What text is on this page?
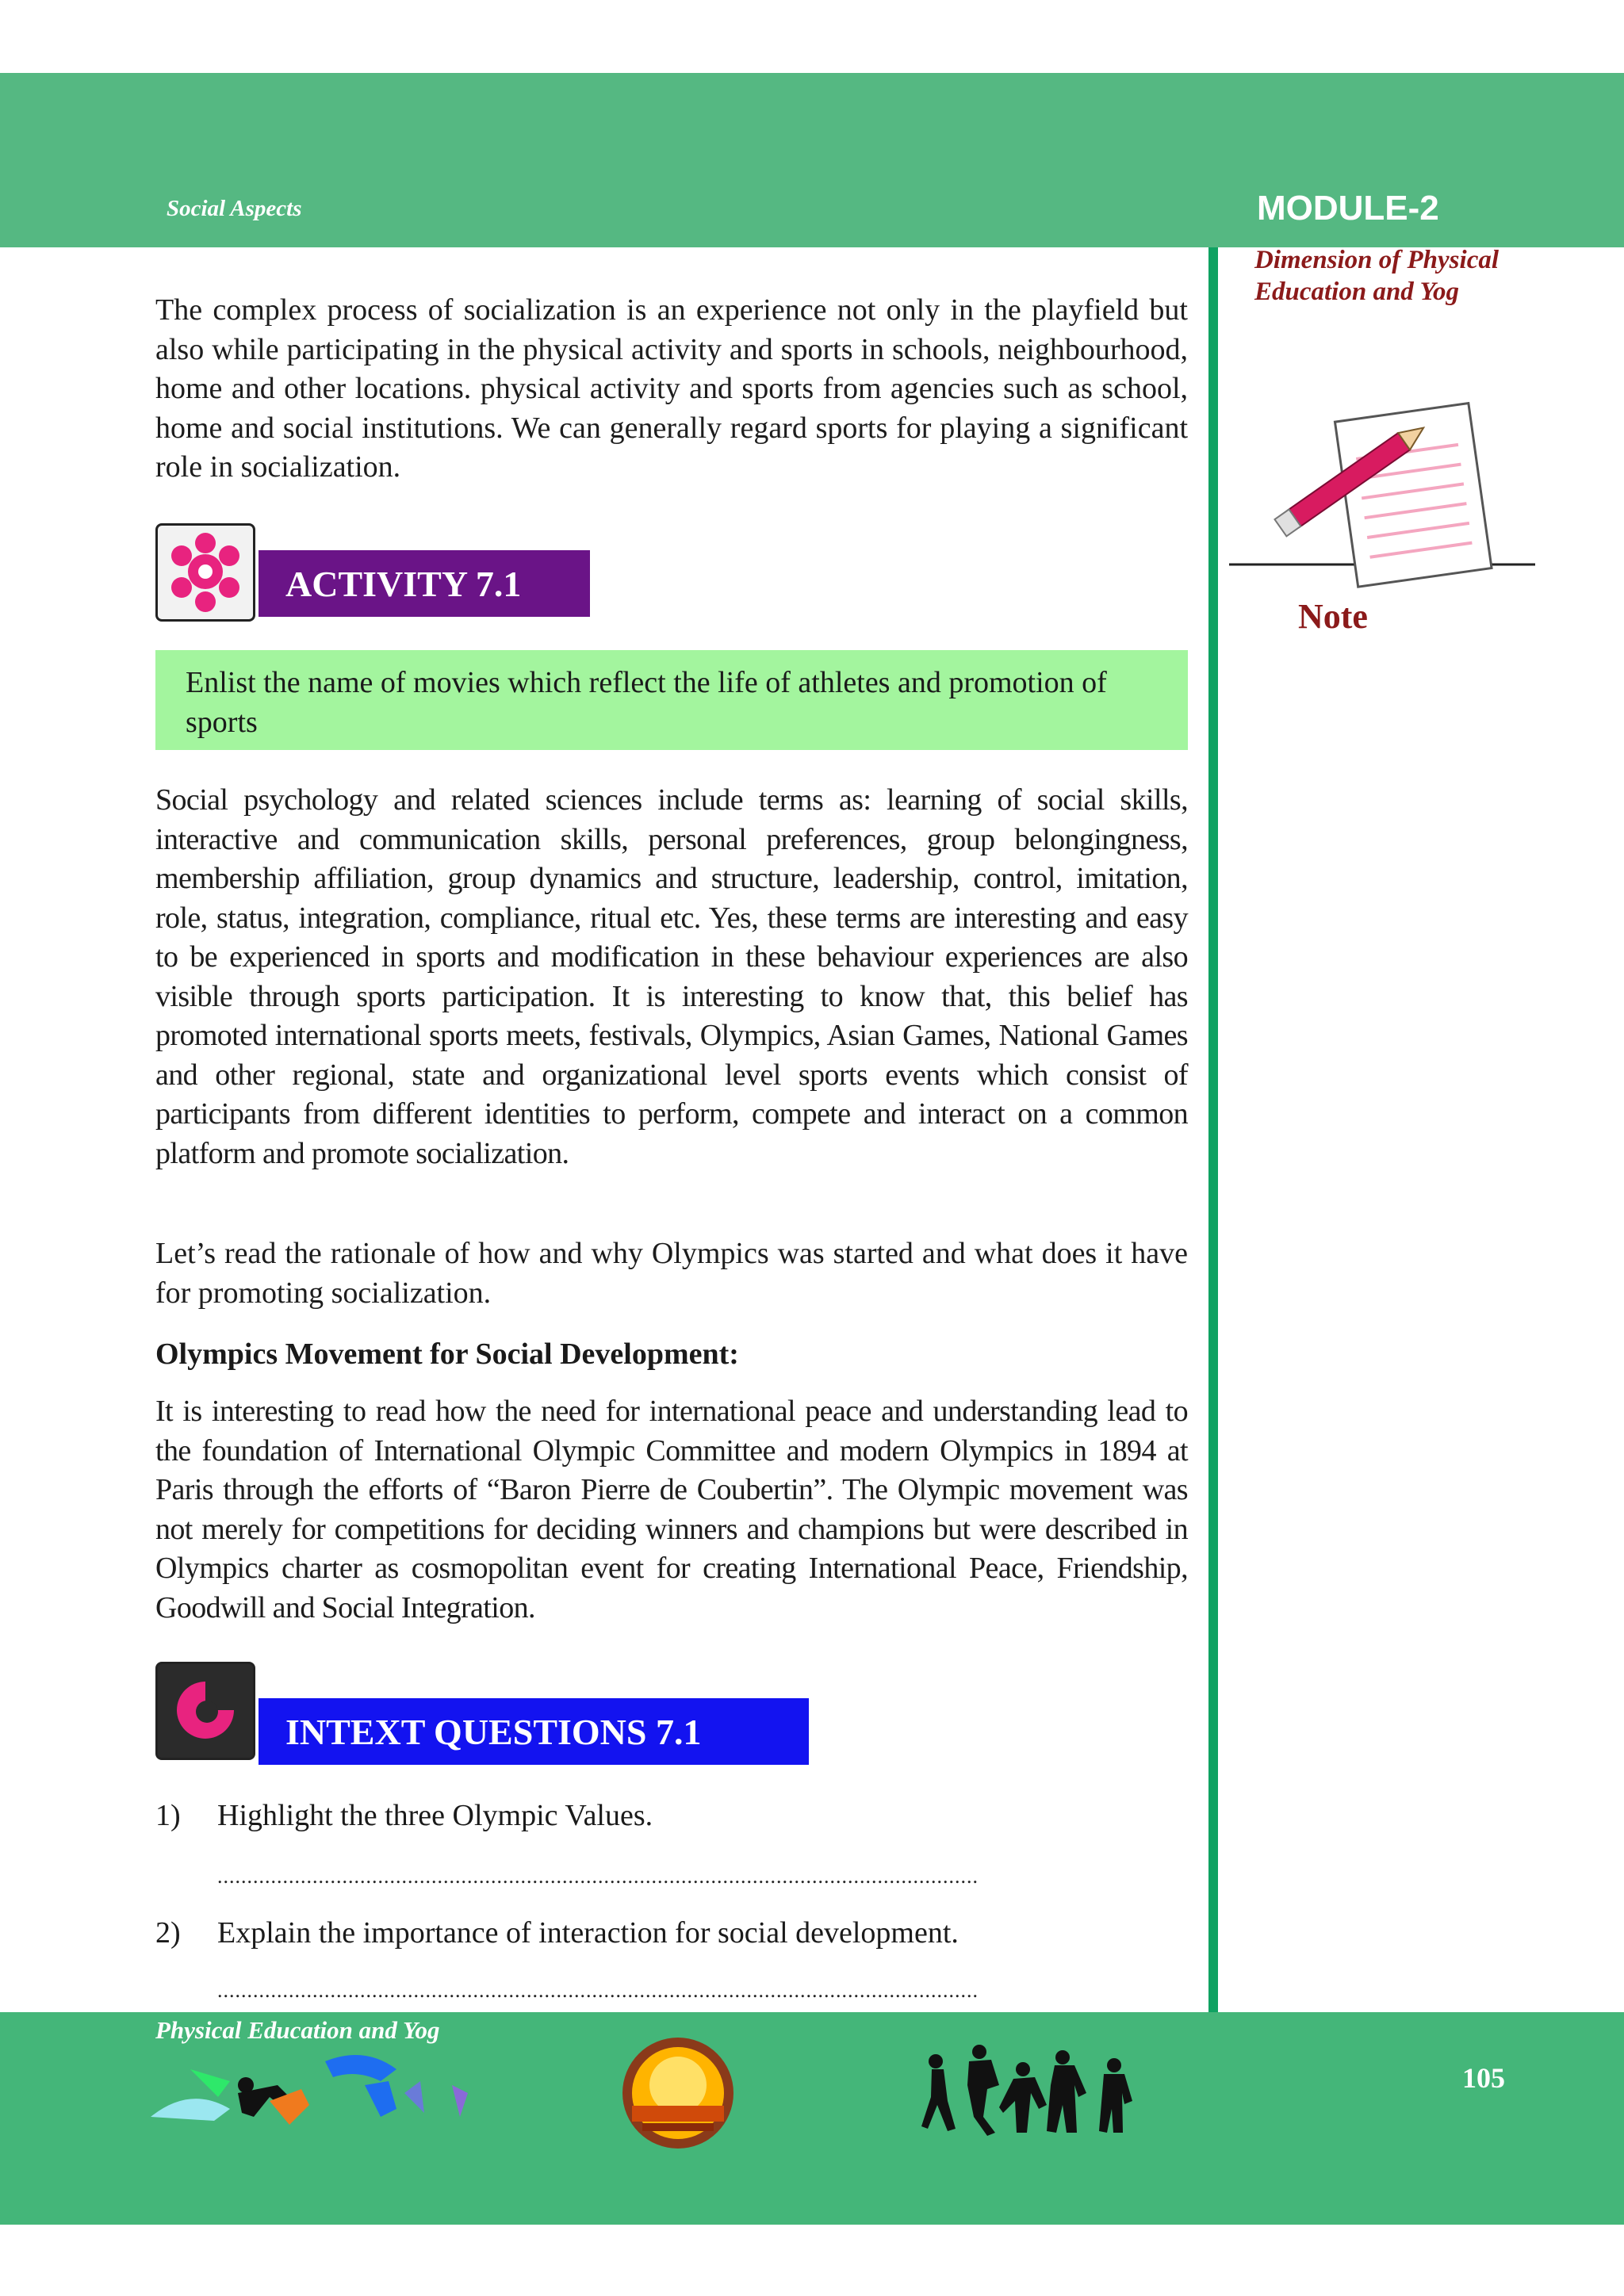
Social Aspects	MODULE-2
Dimension of Physical Education and Yog
Note

The complex process of socialization is an experience not only in the playfield but also while participating in the physical activity and sports in schools, neighbourhood, home and other locations. physical activity and sports from agencies such as school, home and social institutions. We can generally regard sports for playing a significant role in socialization.

ACTIVITY 7.1
Enlist the name of movies which reflect the life of athletes and promotion of sports

Social psychology and related sciences include terms as: learning of social skills, interactive and communication skills, personal preferences, group belongingness, membership affiliation, group dynamics and structure, leadership, control, imitation, role, status, integration, compliance, ritual etc. Yes, these terms are interesting and easy to be experienced in sports and modification in these behaviour experiences are also visible through sports participation. It is interesting to know that, this belief has promoted international sports meets, festivals, Olympics, Asian Games, National Games and other regional, state and organizational level sports events which consist of participants from different identities to perform, compete and interact on a common platform and promote socialization.

Let’s read the rationale of how and why Olympics was started and what does it have for promoting socialization.

Olympics Movement for Social Development:

It is interesting to read how the need for international peace and understanding lead to the foundation of International Olympic Committee and modern Olympics in 1894 at Paris through the efforts of “Baron Pierre de Coubertin”. The Olympic movement was not merely for competitions for deciding winners and champions but were described in Olympics charter as cosmopolitan event for creating International Peace, Friendship, Goodwill and Social Integration.

INTEXT QUESTIONS 7.1
1) Highlight the three Olympic Values.
................................................................................................................................
2) Explain the importance of interaction for social development.
................................................................................................................................
Physical Education and Yog
105
